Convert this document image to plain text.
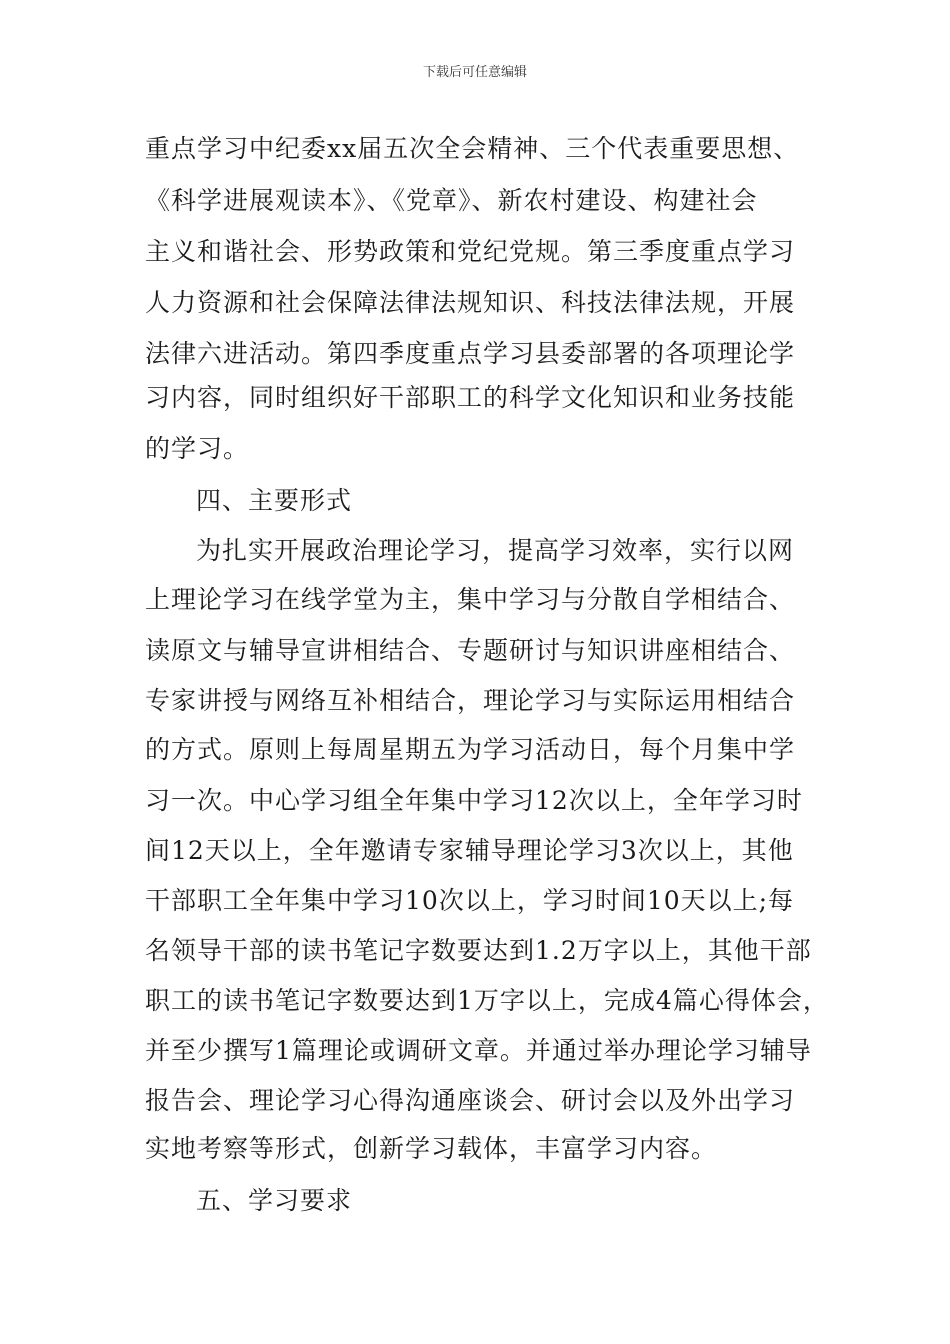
下载后可任意编辑
重点学习中纪委xx届五次全会精神、三个代表重要思想、
《科学进展观读本》、《党章》、新农村建设、构建社会
主义和谐社会、形势政策和党纪党规。第三季度重点学习
人力资源和社会保障法律法规知识、科技法律法规，开展
法律六进活动。第四季度重点学习县委部署的各项理论学
习内容，同时组织好干部职工的科学文化知识和业务技能
的学习。
四、主要形式
为扎实开展政治理论学习，提高学习效率，实行以网
上理论学习在线学堂为主，集中学习与分散自学相结合、
读原文与辅导宣讲相结合、专题研讨与知识讲座相结合、
专家讲授与网络互补相结合，理论学习与实际运用相结合
的方式。原则上每周星期五为学习活动日，每个月集中学
习一次。中心学习组全年集中学习12次以上，全年学习时
间12天以上，全年邀请专家辅导理论学习3次以上，其他
干部职工全年集中学习10次以上，学习时间10天以上;每
名领导干部的读书笔记字数要达到1.2万字以上，其他干部
职工的读书笔记字数要达到1万字以上，完成4篇心得体会，
并至少撰写1篇理论或调研文章。并通过举办理论学习辅导
报告会、理论学习心得沟通座谈会、研讨会以及外出学习
实地考察等形式，创新学习载体，丰富学习内容。
五、学习要求
